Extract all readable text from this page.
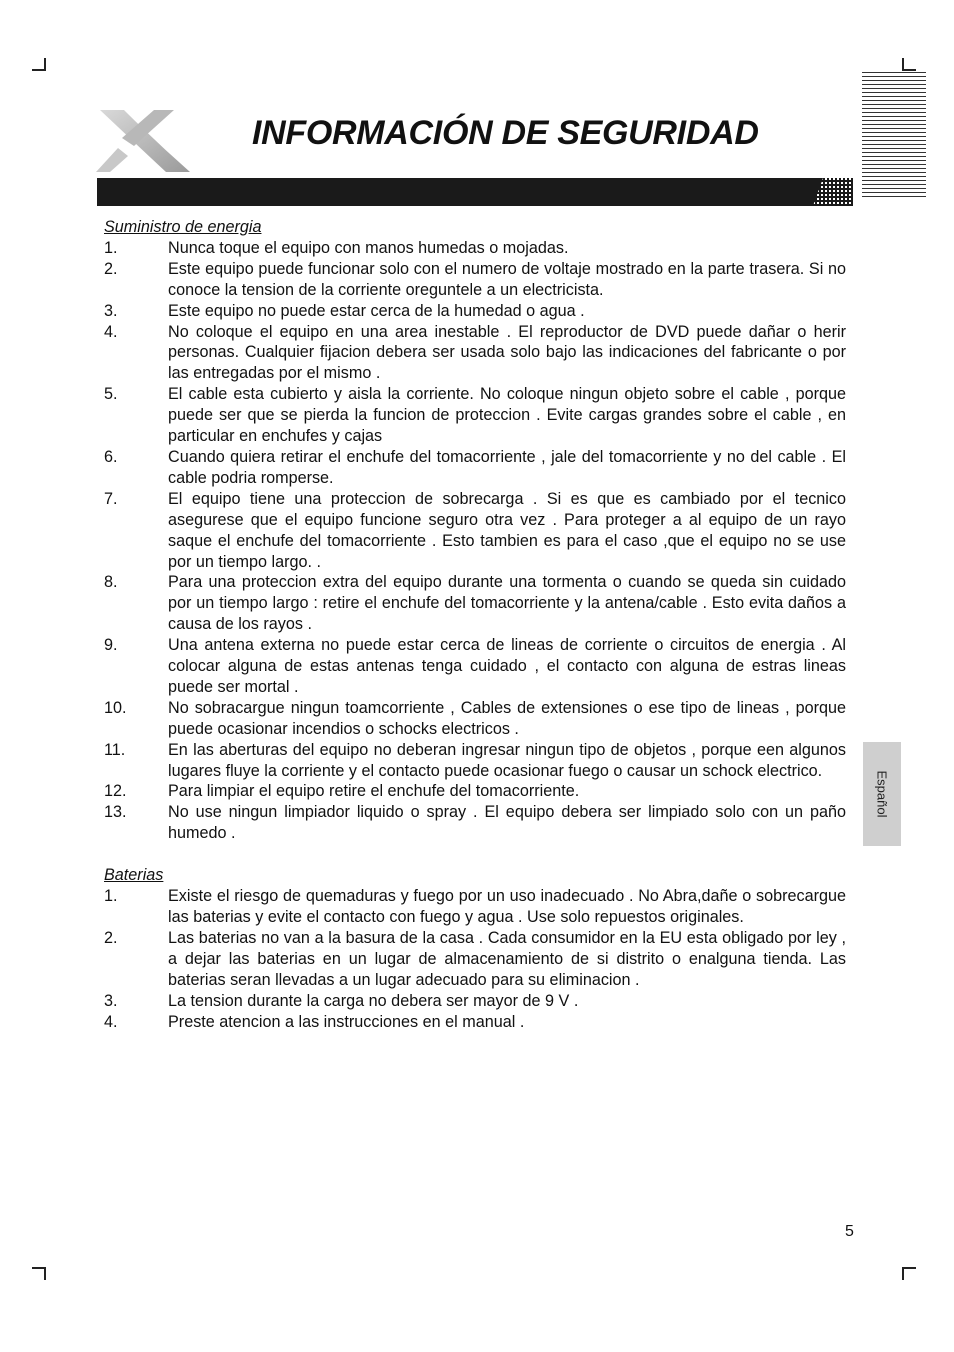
INFORMACIÓN DE SEGURIDAD
Español

Suministro de energia

1.	Nunca toque el equipo con manos humedas o mojadas.
2.	Este equipo puede funcionar solo con el numero de voltaje mostrado en la parte trasera. Si no conoce la tension de la corriente oreguntele a un electricista.
3.	Este equipo no puede estar cerca de la humedad o agua .
4.	No coloque el equipo en una area inestable . El reproductor de DVD puede dañar o herir personas. Cualquier fijacion debera ser usada solo bajo las indicaciones del fabricante o por las entregadas por el mismo .
5.	El cable esta cubierto y aisla la corriente. No coloque ningun objeto sobre el cable , porque puede ser que se pierda la funcion de proteccion . Evite cargas grandes sobre el cable , en particular en enchufes y cajas
6.	Cuando quiera retirar el enchufe del tomacorriente , jale del tomacorriente y no del cable . El cable podria romperse.
7.	El equipo tiene una proteccion de sobrecarga . Si es que es cambiado por el tecnico asegurese que el equipo funcione seguro otra vez . Para proteger a al equipo de un rayo saque el enchufe del tomacorriente . Esto tambien es para el caso ,que el equipo no se use por un tiempo largo. .
8.	Para una proteccion extra del equipo durante una tormenta o cuando se queda sin cuidado por un tiempo largo : retire el enchufe del tomacorriente y la antena/cable . Esto evita daños a causa de los rayos .
9.	Una antena externa no puede estar cerca de lineas de corriente o circuitos de energia . Al colocar alguna de estas antenas tenga cuidado , el contacto con alguna de estras lineas puede ser mortal .
10.	No sobracargue ningun toamcorriente , Cables de extensiones o ese tipo de lineas , porque puede ocasionar incendios o schocks electricos .
11.	En las aberturas del equipo no deberan ingresar ningun tipo de objetos , porque een algunos lugares fluye la corriente y el contacto puede ocasionar fuego o causar un schock electrico.
12.	Para limpiar el equipo retire el enchufe del tomacorriente.
13.	No use ningun limpiador liquido o spray . El equipo debera ser limpiado solo con un paño humedo .

Baterias

1.	Existe el riesgo de quemaduras y fuego por un uso inadecuado . No Abra,dañe o sobrecargue las baterias y evite el contacto con fuego y agua . Use solo repuestos originales.
2.	Las baterias no van a la basura de la casa . Cada consumidor en la EU esta obligado por ley , a dejar las baterias en un lugar de almacenamiento de si distrito o enalguna tienda. Las baterias seran llevadas a un lugar adecuado para su eliminacion .
3.	La tension durante la carga no debera ser mayor de 9 V .
4.	Preste atencion a las instrucciones en el manual .
5
